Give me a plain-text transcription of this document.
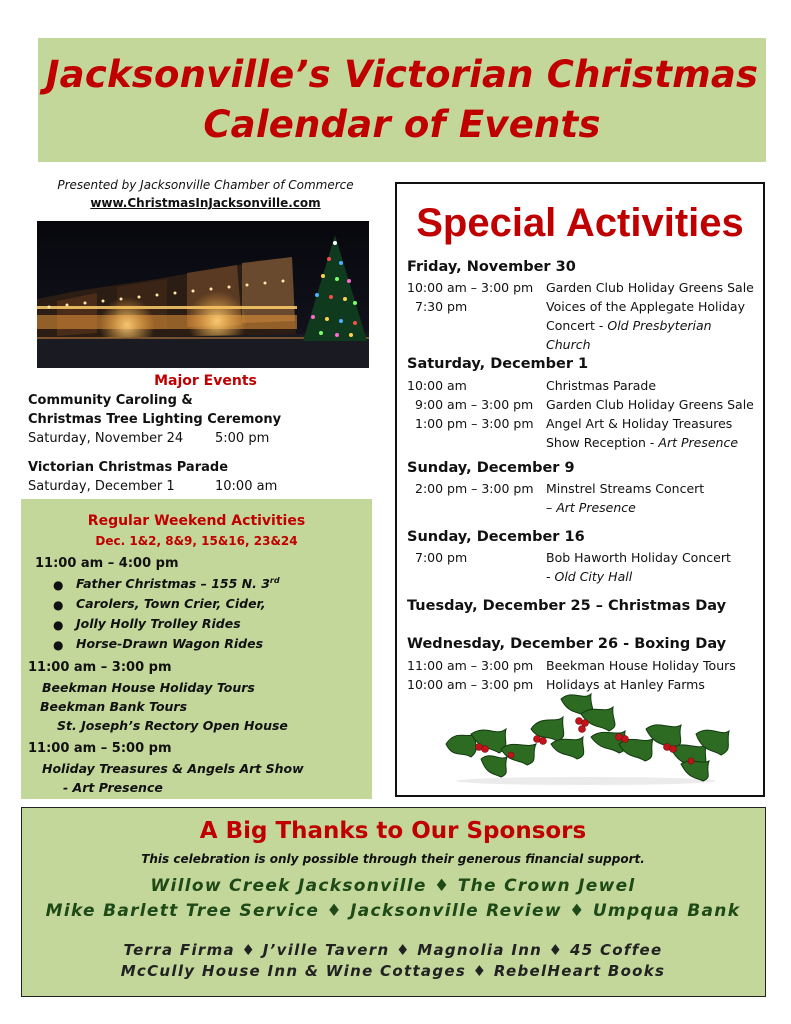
Jacksonville’s Victorian Christmas
Calendar of Events
Presented by Jacksonville Chamber of Commerce
www.ChristmasInJacksonville.com
Major Events
Community Caroling &
Christmas Tree Lighting Ceremony
Saturday, November 24 5:00 pm
Victorian Christmas Parade
Saturday, December 1	10:00 am
Regular Weekend Activities
Dec. 1&2, 8&9, 15&16, 23&24
11:00 am – 4:00 pm
● Father Christmas – 155 N. 3rd
● Carolers, Town Crier, Cider,
● Jolly Holly Trolley Rides
● Horse-Drawn Wagon Rides
11:00 am – 3:00 pm
Beekman House Holiday Tours
Beekman Bank Tours
St. Joseph’s Rectory Open House
11:00 am – 5:00 pm
Holiday Treasures & Angels Art Show
- Art Presence
Special Activities
Friday, November 30
10:00 am – 3:00 pm Garden Club Holiday Greens Sale
7:30 pm	Voices of the Applegate Holiday
Concert - Old Presbyterian
Church
Saturday, December 1
10:00 am	Christmas Parade
9:00 am – 3:00 pm Garden Club Holiday Greens Sale
1:00 pm – 3:00 pm Angel Art & Holiday Treasures
Show Reception - Art Presence
Sunday, December 9
2:00 pm – 3:00 pm Minstrel Streams Concert
– Art Presence
Sunday, December 16
7:00 pm	Bob Haworth Holiday Concert
- Old City Hall
Tuesday, December 25 – Christmas Day
Wednesday, December 26 - Boxing Day
11:00 am – 3:00 pm Beekman House Holiday Tours
10:00 am – 3:00 pm Holidays at Hanley Farms
A Big Thanks to Our Sponsors
This celebration is only possible through their generous financial support.
Willow Creek Jacksonville ♦ The Crown Jewel
Mike Barlett Tree Service ♦ Jacksonville Review ♦ Umpqua Bank
Terra Firma ♦ J’ville Tavern ♦ Magnolia Inn ♦ 45 Coffee
McCully House Inn & Wine Cottages ♦ RebelHeart Books
